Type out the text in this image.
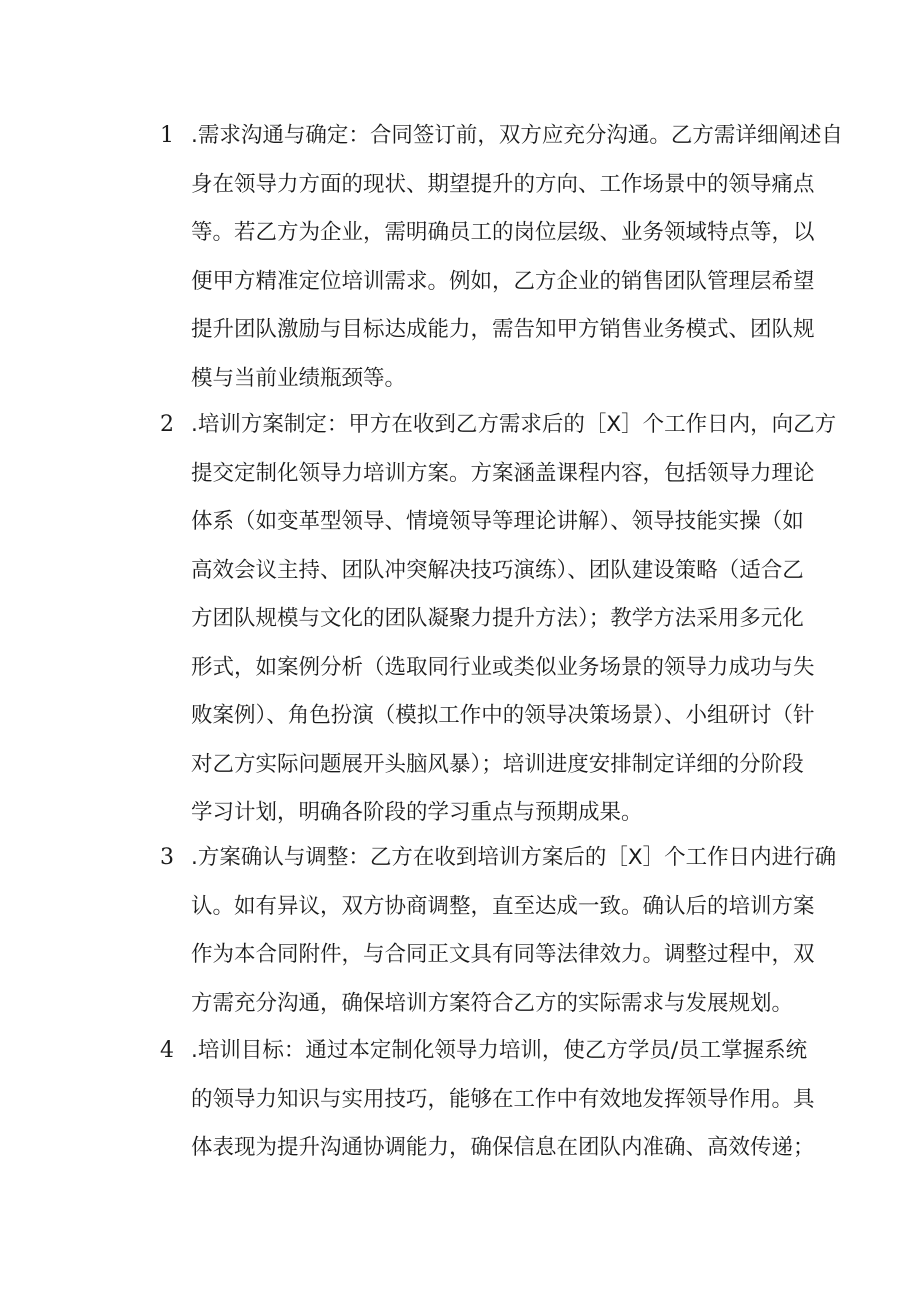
1 .需求沟通与确定：合同签订前，双方应充分沟通。乙方需详细阐述自
身在领导力方面的现状、期望提升的方向、工作场景中的领导痛点
等。若乙方为企业，需明确员工的岗位层级、业务领域特点等，以
便甲方精准定位培训需求。例如，乙方企业的销售团队管理层希望
提升团队激励与目标达成能力，需告知甲方销售业务模式、团队规
模与当前业绩瓶颈等。
2 .培训方案制定：甲方在收到乙方需求后的［X］个工作日内，向乙方
提交定制化领导力培训方案。方案涵盖课程内容，包括领导力理论
体系（如变革型领导、情境领导等理论讲解）、领导技能实操（如
高效会议主持、团队冲突解决技巧演练）、团队建设策略（适合乙
方团队规模与文化的团队凝聚力提升方法）；教学方法采用多元化
形式，如案例分析（选取同行业或类似业务场景的领导力成功与失
败案例）、角色扮演（模拟工作中的领导决策场景）、小组研讨（针
对乙方实际问题展开头脑风暴）；培训进度安排制定详细的分阶段
学习计划，明确各阶段的学习重点与预期成果。
3 .方案确认与调整：乙方在收到培训方案后的［X］个工作日内进行确
认。如有异议，双方协商调整，直至达成一致。确认后的培训方案
作为本合同附件，与合同正文具有同等法律效力。调整过程中，双
方需充分沟通，确保培训方案符合乙方的实际需求与发展规划。
4 .培训目标：通过本定制化领导力培训，使乙方学员/员工掌握系统
的领导力知识与实用技巧，能够在工作中有效地发挥领导作用。具
体表现为提升沟通协调能力，确保信息在团队内准确、高效传递；
